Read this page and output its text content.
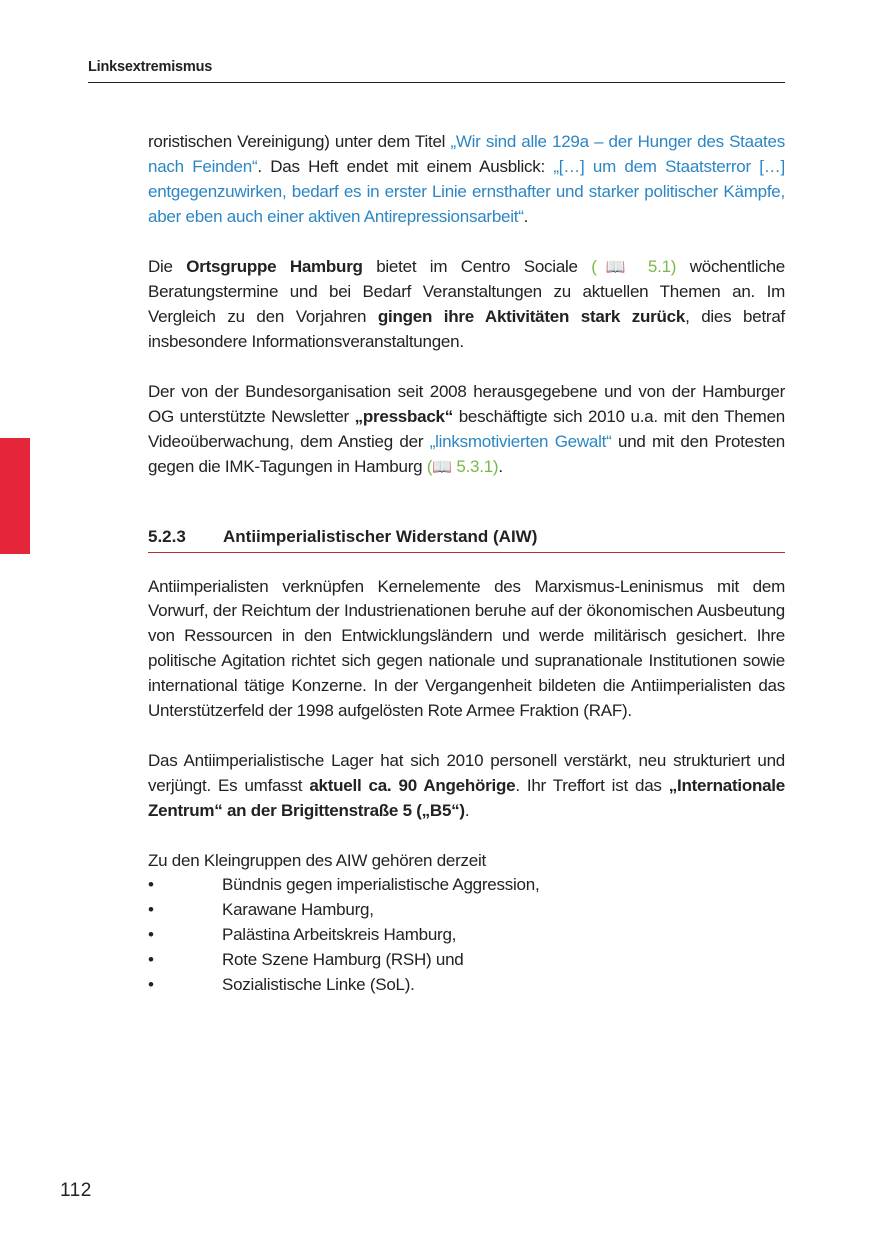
Linksextremismus

roristischen Vereinigung) unter dem Titel „Wir sind alle 129a – der Hunger des Staates nach Feinden“. Das Heft endet mit einem Ausblick: „[…] um dem Staatsterror […] entgegenzuwirken, bedarf es in erster Linie ernsthafter und starker politischer Kämpfe, aber eben auch einer aktiven Antirepressionsarbeit“.

Die Ortsgruppe Hamburg bietet im Centro Sociale (📖 5.1) wöchentliche Beratungstermine und bei Bedarf Veranstaltungen zu aktuellen Themen an. Im Vergleich zu den Vorjahren gingen ihre Aktivitäten stark zurück, dies betraf insbesondere Informationsveranstaltungen.

Der von der Bundesorganisation seit 2008 herausgegebene und von der Hamburger OG unterstützte Newsletter „pressback“ beschäftigte sich 2010 u.a. mit den Themen Videoüberwachung, dem Anstieg der „linksmotivierten Gewalt“ und mit den Protesten gegen die IMK-Tagungen in Hamburg (📖 5.3.1).

5.2.3 Antiimperialistischer Widerstand (AIW)

Antiimperialisten verknüpfen Kernelemente des Marxismus-Leninismus mit dem Vorwurf, der Reichtum der Industrienationen beruhe auf der ökonomischen Ausbeutung von Ressourcen in den Entwicklungsländern und werde militärisch gesichert. Ihre politische Agitation richtet sich gegen nationale und supranationale Institutionen sowie international tätige Konzerne. In der Vergangenheit bildeten die Antiimperialisten das Unterstützerfeld der 1998 aufgelösten Rote Armee Fraktion (RAF).

Das Antiimperialistische Lager hat sich 2010 personell verstärkt, neu strukturiert und verjüngt. Es umfasst aktuell ca. 90 Angehörige. Ihr Treffort ist das „Internationale Zentrum“ an der Brigittenstraße 5 („B5“).

Zu den Kleingruppen des AIW gehören derzeit
•	Bündnis gegen imperialistische Aggression,
•	Karawane Hamburg,
•	Palästina Arbeitskreis Hamburg,
•	Rote Szene Hamburg (RSH) und
•	Sozialistische Linke (SoL).
112
